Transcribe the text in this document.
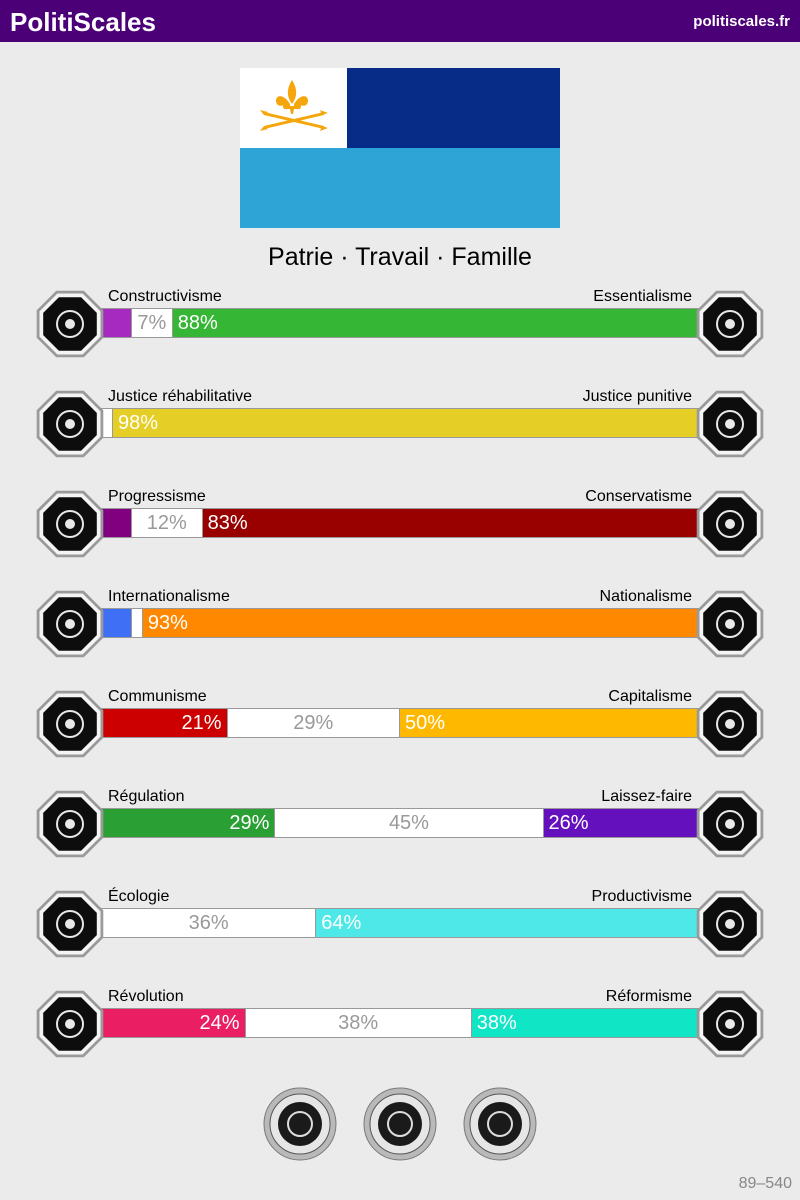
PolitiScales	politiscales.fr
Patrie · Travail · Famille
Constructivisme	Essentialisme
7% 88%
Justice réhabilitative	Justice punitive
98%
Progressisme	Conservatisme
12%	83%
Internationalisme	Nationalisme
93%
Communisme	Capitalisme
21%	29%	50%
Régulation	Laissez-faire
29%	45%	26%
Écologie	Productivisme
36%	64%
Révolution	Réformisme
24%	38%	38%
89–540
